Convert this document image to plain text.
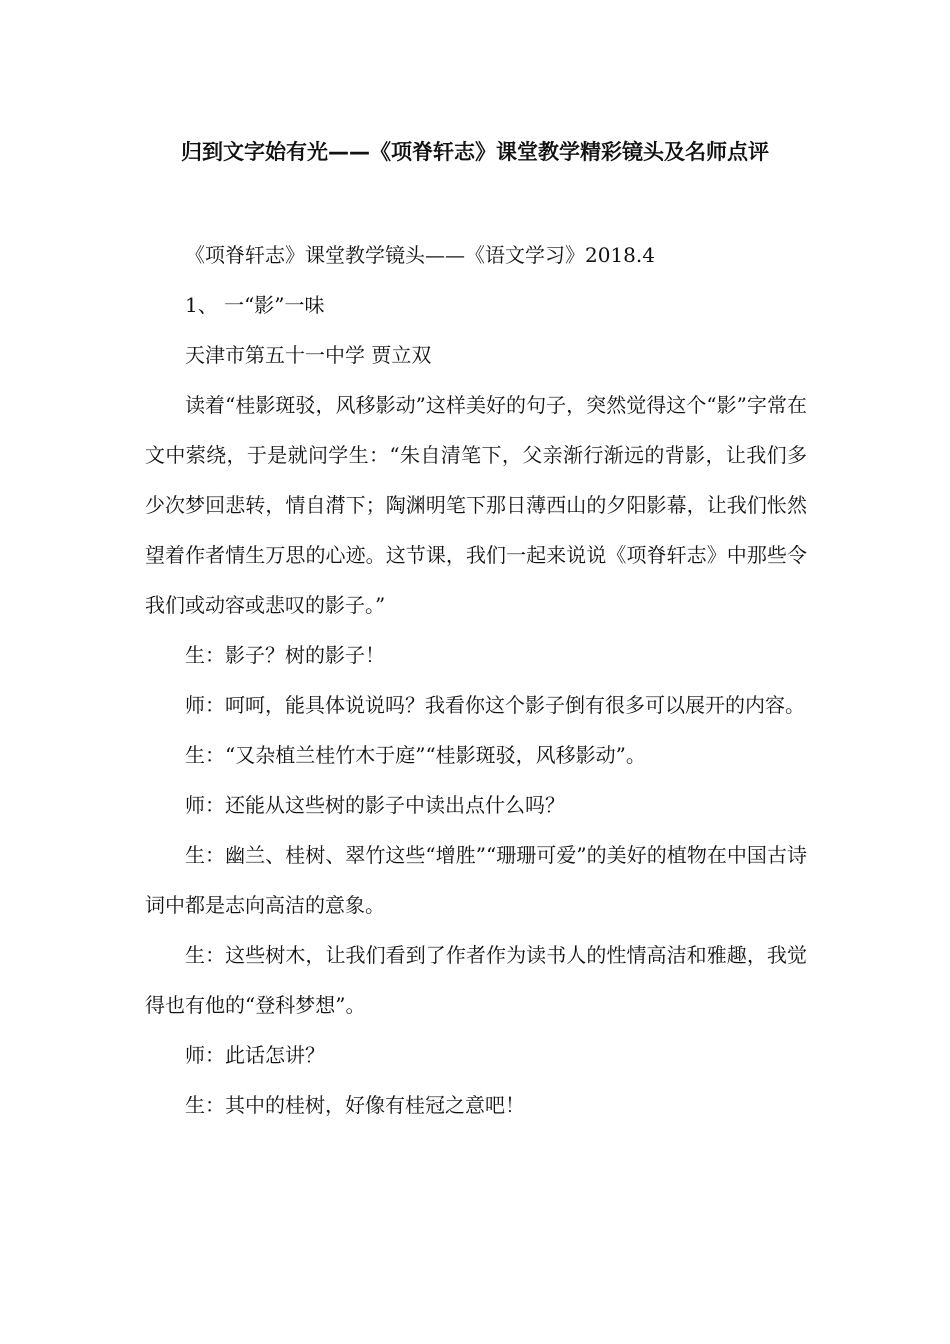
归到文字始有光——《项脊轩志》课堂教学精彩镜头及名师点评

《项脊轩志》课堂教学镜头——《语文学习》2018.4

1、 一“影”一味

天津市第五十一中学 贾立双

读着“桂影斑驳，风移影动”这样美好的句子，突然觉得这个“影”字常在文中萦绕，于是就问学生：“朱自清笔下，父亲渐行渐远的背影，让我们多少次梦回悲转，情自潸下；陶渊明笔下那日薄西山的夕阳影幕，让我们怅然望着作者情生万思的心迹。这节课，我们一起来说说《项脊轩志》中那些令我们或动容或悲叹的影子。”

生：影子？树的影子！

师：呵呵，能具体说说吗？我看你这个影子倒有很多可以展开的内容。

生：“又杂植兰桂竹木于庭”“桂影斑驳，风移影动”。

师：还能从这些树的影子中读出点什么吗？

生：幽兰、桂树、翠竹这些“增胜”“珊珊可爱”的美好的植物在中国古诗词中都是志向高洁的意象。

生：这些树木，让我们看到了作者作为读书人的性情高洁和雅趣，我觉得也有他的“登科梦想”。

师：此话怎讲？

生：其中的桂树，好像有桂冠之意吧！
